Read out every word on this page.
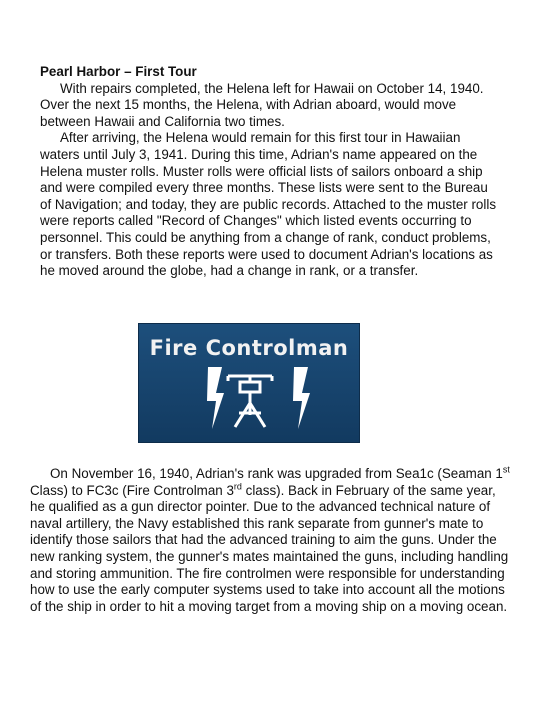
Pearl Harbor – First Tour

With repairs completed, the Helena left for Hawaii on October 14, 1940. Over the next 15 months, the Helena, with Adrian aboard, would move between Hawaii and California two times.

After arriving, the Helena would remain for this first tour in Hawaiian waters until July 3, 1941. During this time, Adrian's name appeared on the Helena muster rolls. Muster rolls were official lists of sailors onboard a ship and were compiled every three months. These lists were sent to the Bureau of Navigation; and today, they are public records. Attached to the muster rolls were reports called "Record of Changes" which listed events occurring to personnel. This could be anything from a change of rank, conduct problems, or transfers. Both these reports were used to document Adrian's locations as he moved around the globe, had a change in rank, or a transfer.

Fire Controlman

On November 16, 1940, Adrian's rank was upgraded from Sea1c (Seaman 1st Class) to FC3c (Fire Controlman 3rd class). Back in February of the same year, he qualified as a gun director pointer. Due to the advanced technical nature of naval artillery, the Navy established this rank separate from gunner's mate to identify those sailors that had the advanced training to aim the guns. Under the new ranking system, the gunner's mates maintained the guns, including handling and storing ammunition. The fire controlmen were responsible for understanding how to use the early computer systems used to take into account all the motions of the ship in order to hit a moving target from a moving ship on a moving ocean.
